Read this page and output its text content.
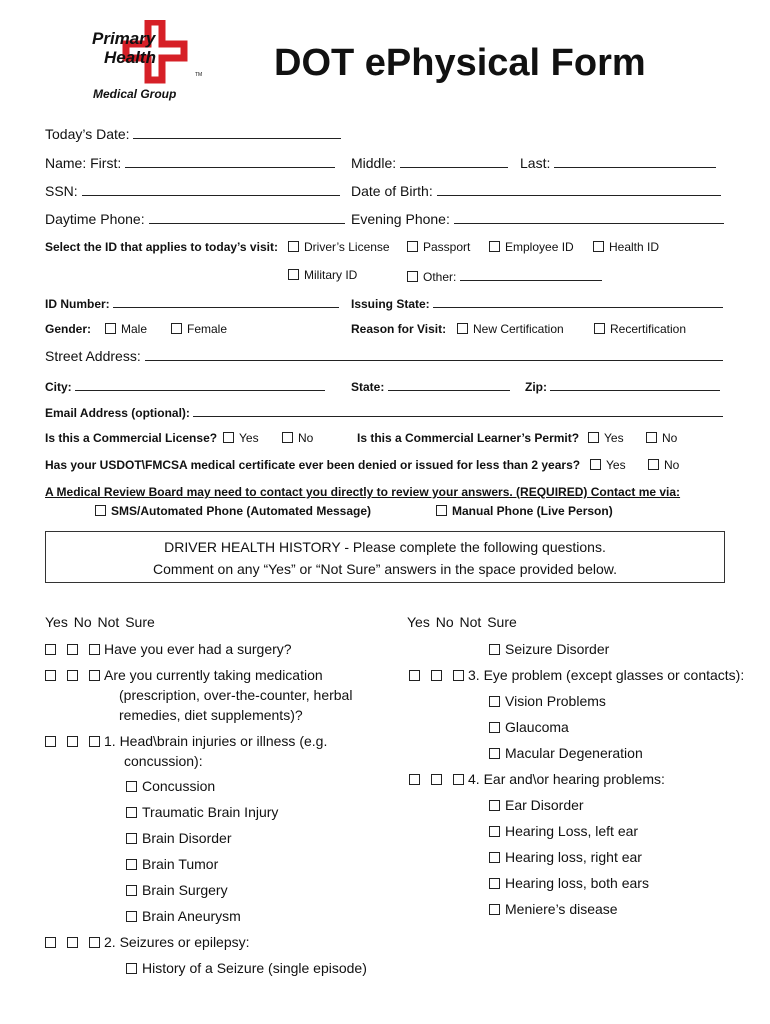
Primary
Health
TM
Medical Group
DOT ePhysical Form
Today’s Date:
Name: First:	Middle:	Last:
SSN:	Date of Birth:
Daytime Phone:	Evening Phone:
Select the ID that applies to today’s visit:	Driver’s License	Passport	Employee ID	Health ID
Military ID	Other:
ID Number:	Issuing State:
Gender:	Male	Female	Reason for Visit:	New Certification	Recertification
Street Address:
City:	State:	Zip:
Email Address (optional):
Is this a Commercial License?	Yes	No	Is this a Commercial Learner’s Permit?	Yes	No
Has your USDOT\FMCSA medical certificate ever been denied or issued for less than 2 years?	Yes	No
A Medical Review Board may need to contact you directly to review your answers. (REQUIRED) Contact me via:
SMS/Automated Phone (Automated Message)	Manual Phone (Live Person)
DRIVER HEALTH HISTORY - Please complete the following questions.
Comment on any “Yes” or “Not Sure” answers in the space provided below.
Yes No Not Sure	Yes No Not Sure
Have you ever had a surgery?
Are you currently taking medication
(prescription, over-the-counter, herbal
remedies, diet supplements)?
1. Head\brain injuries or illness (e.g.
concussion):
Concussion
Traumatic Brain Injury
Brain Disorder
Brain Tumor
Brain Surgery
Brain Aneurysm
2. Seizures or epilepsy:
History of a Seizure (single episode)
Seizure Disorder
3. Eye problem (except glasses or contacts):
Vision Problems
Glaucoma
Macular Degeneration
4. Ear and\or hearing problems:
Ear Disorder
Hearing Loss, left ear
Hearing loss, right ear
Hearing loss, both ears
Meniere’s disease
